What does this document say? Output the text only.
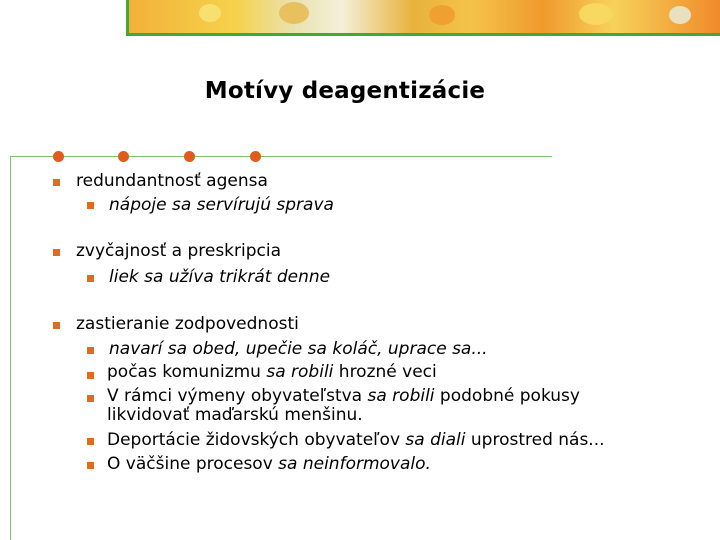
Motívy deagentizácie
redundantnosť agensa
nápoje sa servírujú sprava
zvyčajnosť a preskripcia
liek sa užíva trikrát denne
zastieranie zodpovednosti
navarí sa obed, upečie sa koláč, uprace sa...
počas komunizmu sa robili hrozné veci
V rámci výmeny obyvateľstva sa robili podobné pokusy
likvidovať maďarskú menšinu.
Deportácie židovských obyvateľov sa diali uprostred nás...
O väčšine procesov sa neinformovalo.
